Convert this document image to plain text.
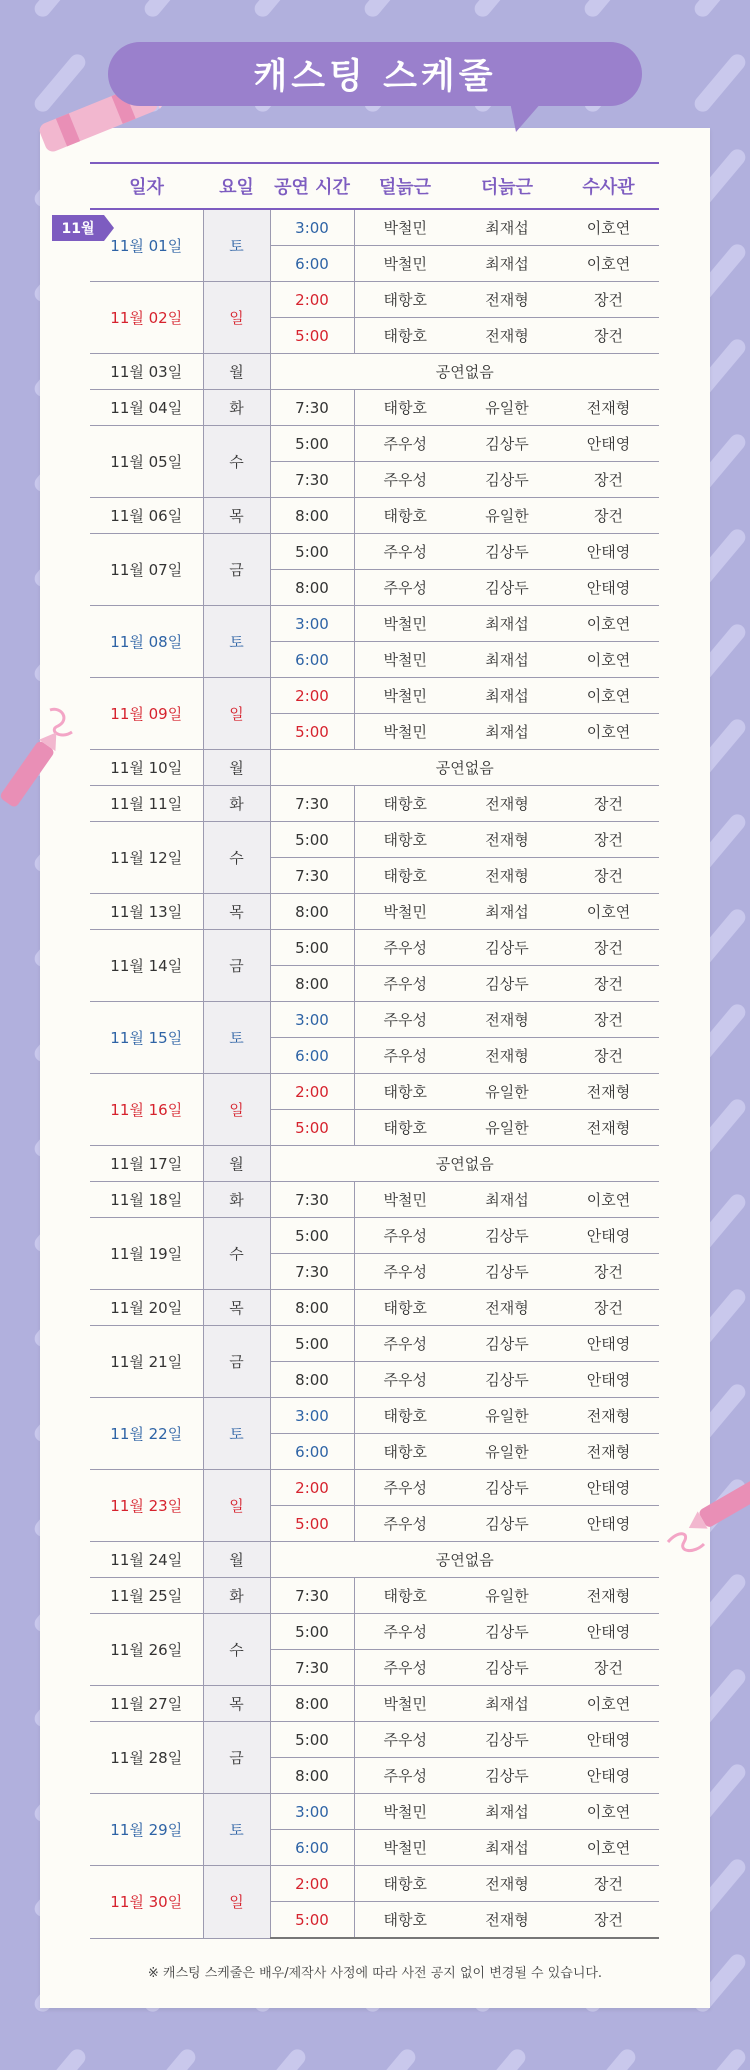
캐스팅 스케줄
11월
일자	요일	공연 시간	덜늙근	더늙근	수사관
11월 01일	토	3:00	박철민	최재섭	이호연
		6:00	박철민	최재섭	이호연
11월 02일	일	2:00	태항호	전재형	장건
		5:00	태항호	전재형	장건
11월 03일	월	공연없음			
11월 04일	화	7:30	태항호	유일한	전재형
11월 05일	수	5:00	주우성	김상두	안태영
		7:30	주우성	김상두	장건
11월 06일	목	8:00	태항호	유일한	장건
11월 07일	금	5:00	주우성	김상두	안태영
		8:00	주우성	김상두	안태영
11월 08일	토	3:00	박철민	최재섭	이호연
		6:00	박철민	최재섭	이호연
11월 09일	일	2:00	박철민	최재섭	이호연
		5:00	박철민	최재섭	이호연
11월 10일	월	공연없음			
11월 11일	화	7:30	태항호	전재형	장건
11월 12일	수	5:00	태항호	전재형	장건
		7:30	태항호	전재형	장건
11월 13일	목	8:00	박철민	최재섭	이호연
11월 14일	금	5:00	주우성	김상두	장건
		8:00	주우성	김상두	장건
11월 15일	토	3:00	주우성	전재형	장건
		6:00	주우성	전재형	장건
11월 16일	일	2:00	태항호	유일한	전재형
		5:00	태항호	유일한	전재형
11월 17일	월	공연없음			
11월 18일	화	7:30	박철민	최재섭	이호연
11월 19일	수	5:00	주우성	김상두	안태영
		7:30	주우성	김상두	장건
11월 20일	목	8:00	태항호	전재형	장건
11월 21일	금	5:00	주우성	김상두	안태영
		8:00	주우성	김상두	안태영
11월 22일	토	3:00	태항호	유일한	전재형
		6:00	태항호	유일한	전재형
11월 23일	일	2:00	주우성	김상두	안태영
		5:00	주우성	김상두	안태영
11월 24일	월	공연없음			
11월 25일	화	7:30	태항호	유일한	전재형
11월 26일	수	5:00	주우성	김상두	안태영
		7:30	주우성	김상두	장건
11월 27일	목	8:00	박철민	최재섭	이호연
11월 28일	금	5:00	주우성	김상두	안태영
		8:00	주우성	김상두	안태영
11월 29일	토	3:00	박철민	최재섭	이호연
		6:00	박철민	최재섭	이호연
11월 30일	일	2:00	태항호	전재형	장건
		5:00	태항호	전재형	장건
※ 캐스팅 스케줄은 배우/제작사 사정에 따라 사전 공지 없이 변경될 수 있습니다.
